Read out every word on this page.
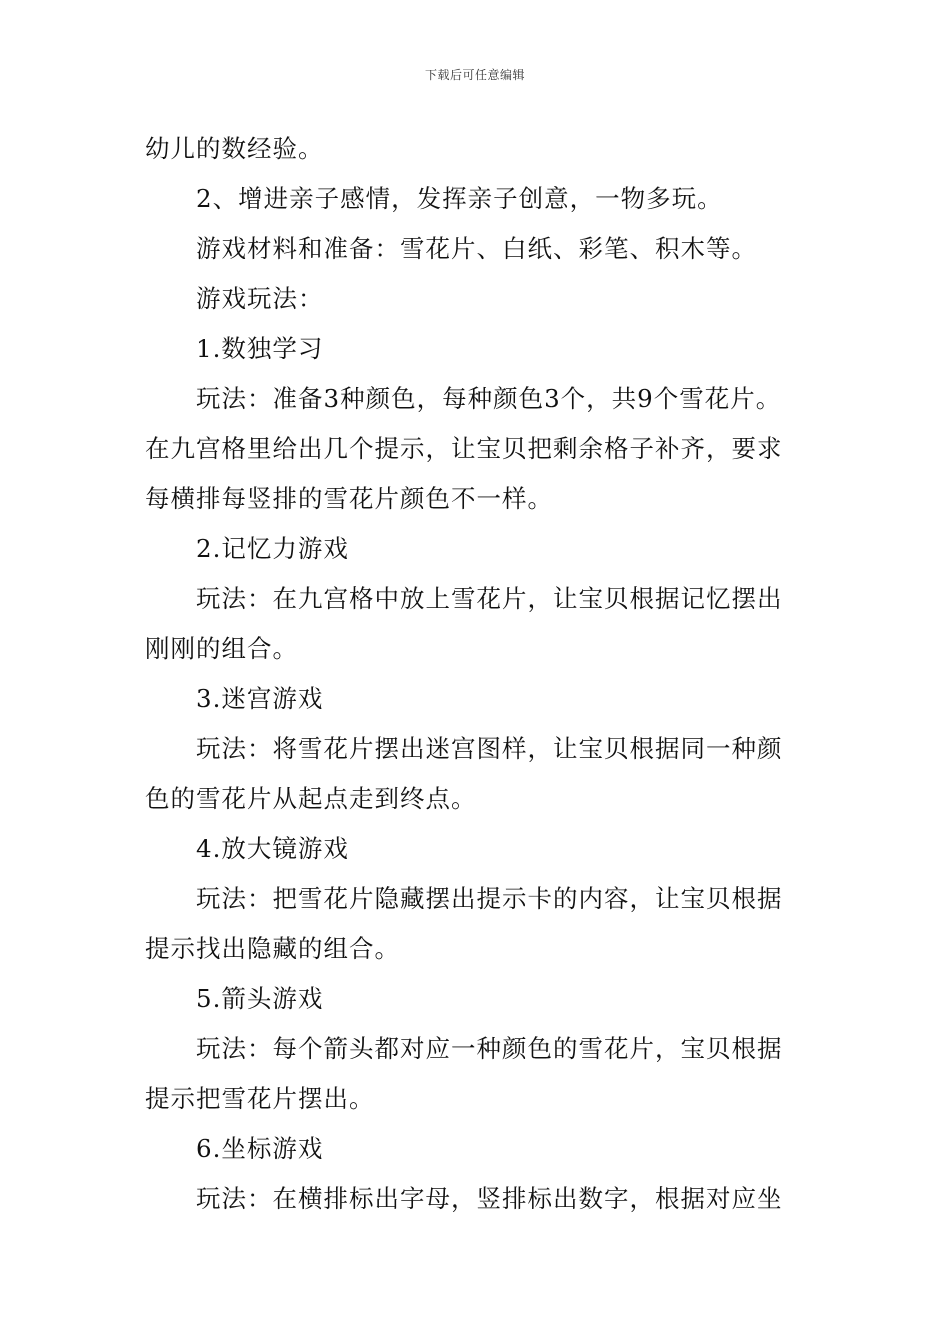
下载后可任意编辑
幼儿的数经验。
2、增进亲子感情，发挥亲子创意，一物多玩。
游戏材料和准备：雪花片、白纸、彩笔、积木等。
游戏玩法：
1.数独学习
玩法：准备3种颜色，每种颜色3个，共9个雪花片。
在九宫格里给出几个提示，让宝贝把剩余格子补齐，要求
每横排每竖排的雪花片颜色不一样。
2.记忆力游戏
玩法：在九宫格中放上雪花片，让宝贝根据记忆摆出
刚刚的组合。
3.迷宫游戏
玩法：将雪花片摆出迷宫图样，让宝贝根据同一种颜
色的雪花片从起点走到终点。
4.放大镜游戏
玩法：把雪花片隐藏摆出提示卡的内容，让宝贝根据
提示找出隐藏的组合。
5.箭头游戏
玩法：每个箭头都对应一种颜色的雪花片，宝贝根据
提示把雪花片摆出。
6.坐标游戏
玩法：在横排标出字母，竖排标出数字，根据对应坐
